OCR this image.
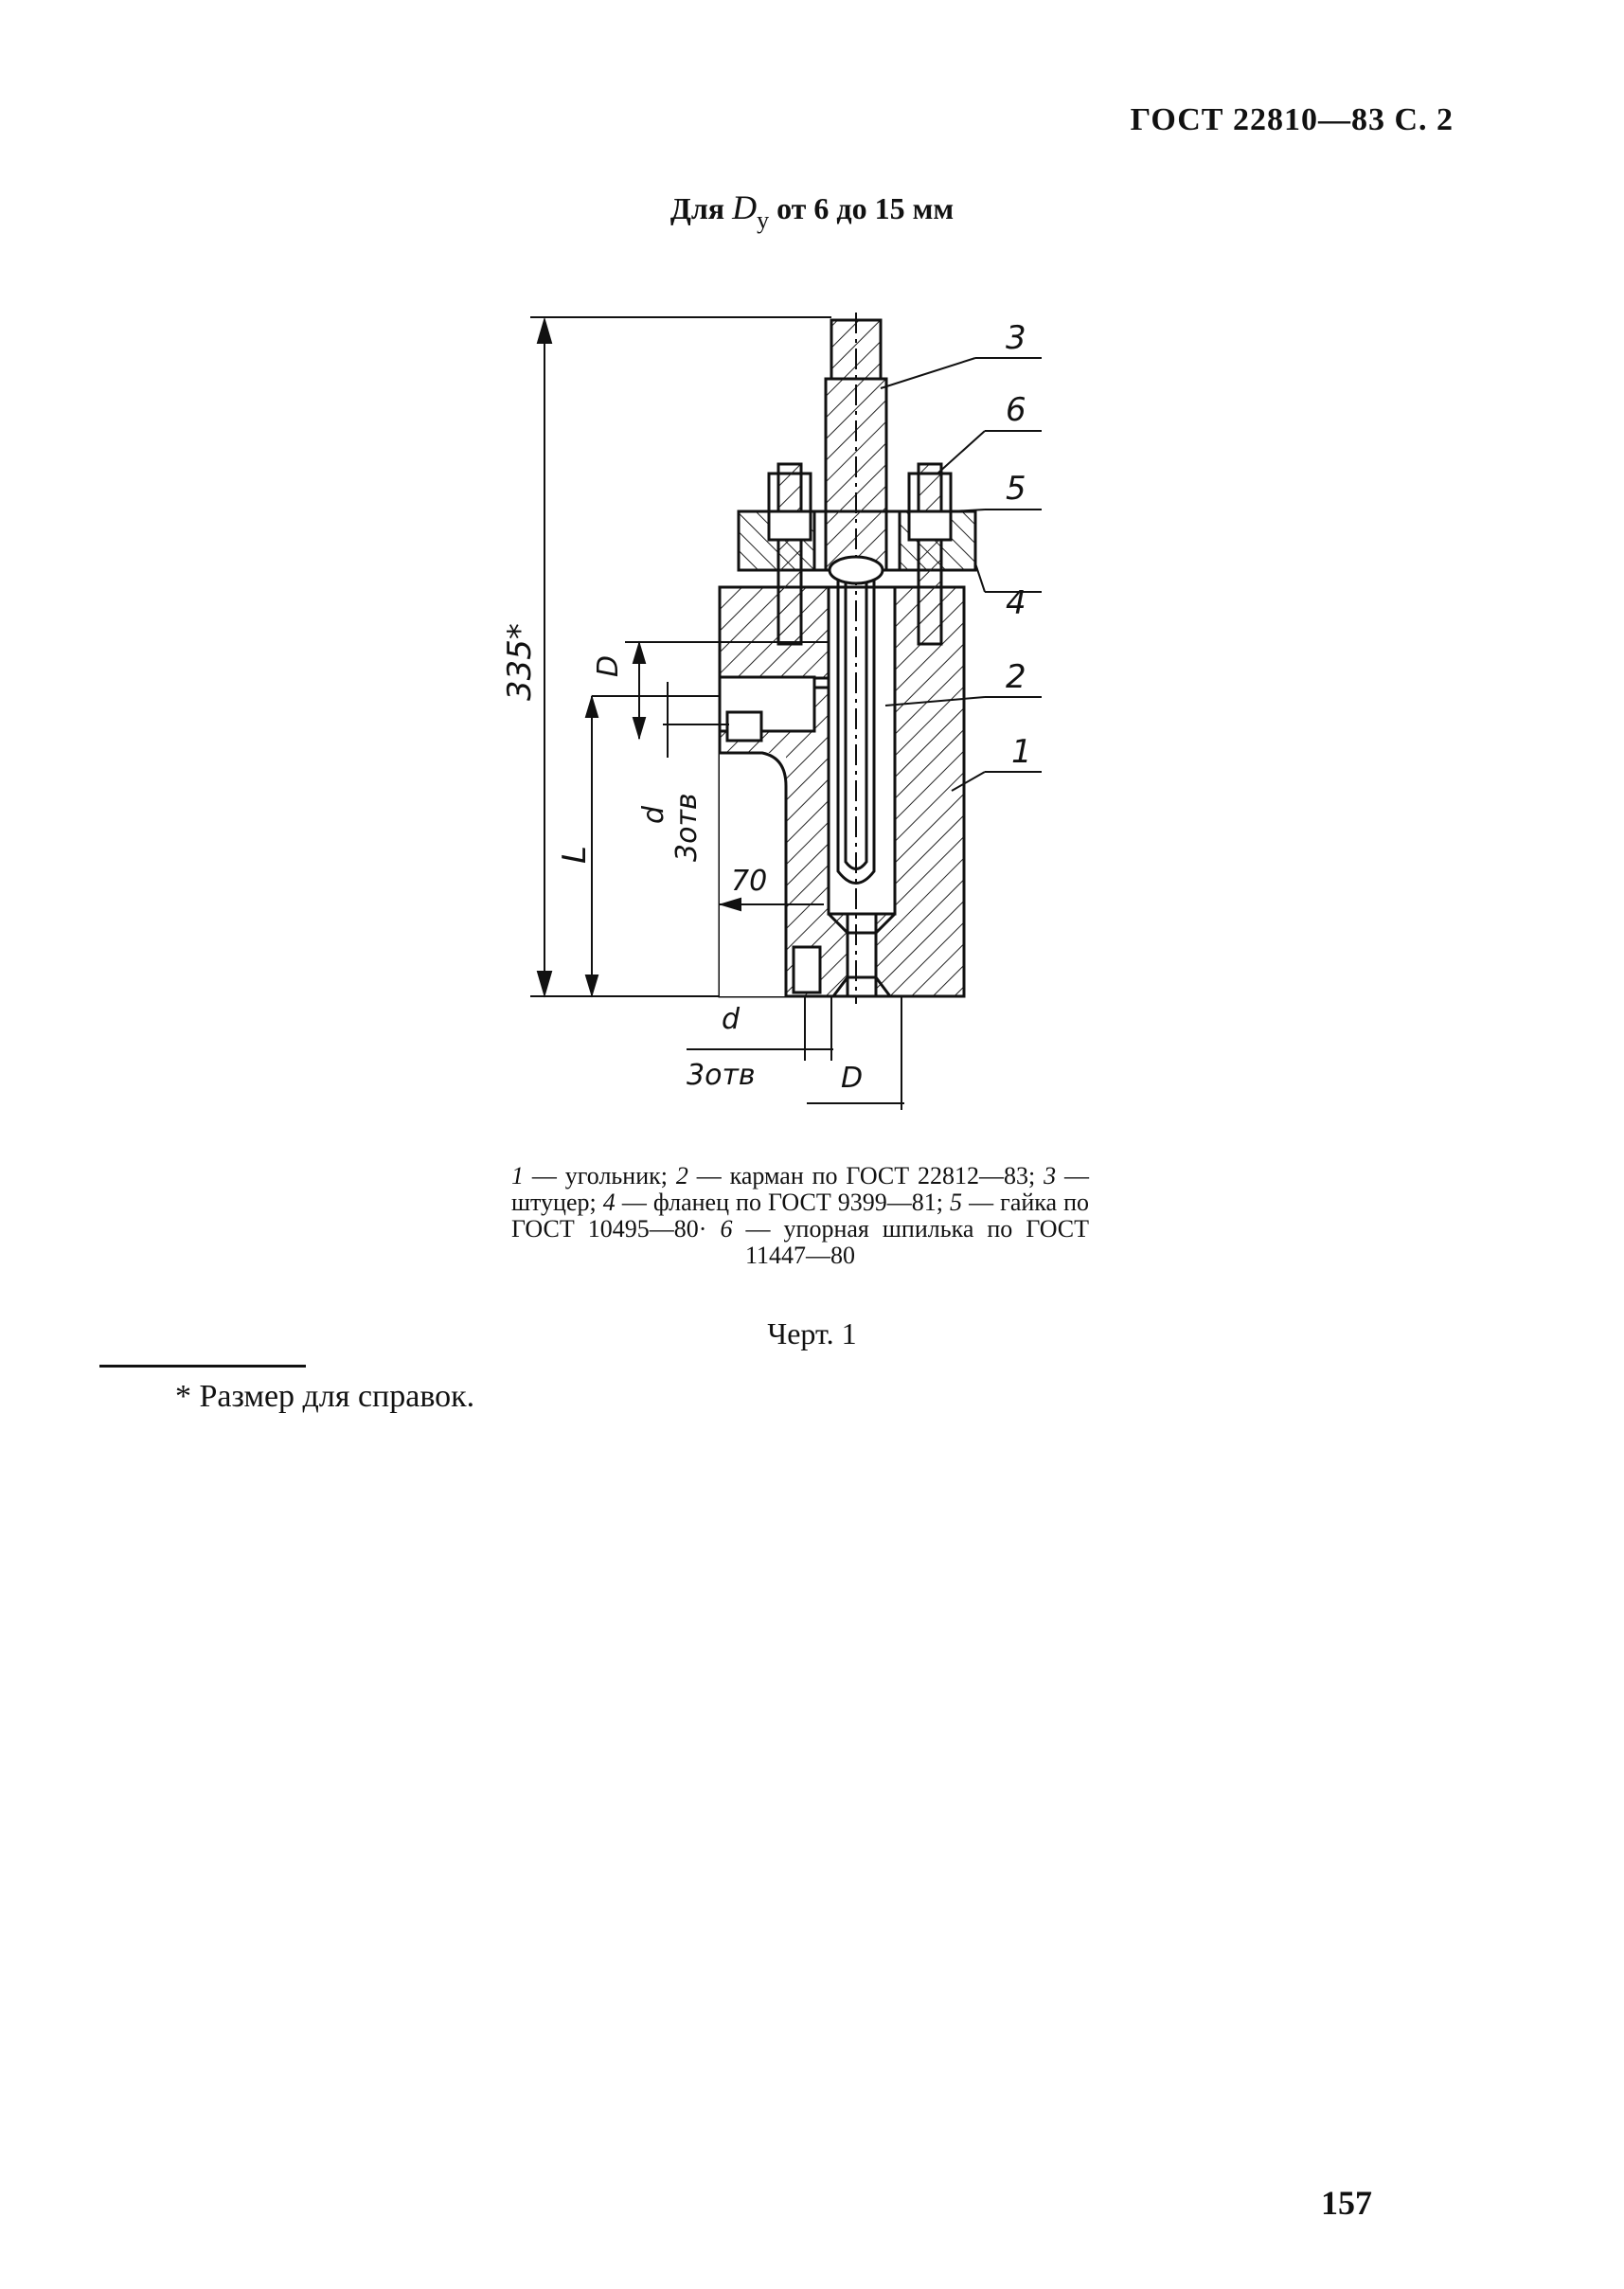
ГОСТ 22810—83 С. 2
Для $D_у$ от 6 до 15 мм
335* D
d 3отв
L
70
d
3отв	D
3
6
5
4
2
1
1 — угольник; 2 — карман по ГОСТ 22812—83; 3 — штуцер; 4 — фланец по ГОСТ 9399—81; 5 — гайка по ГОСТ 10495—80· 6 — упорная шпилька по ГОСТ 11447—80
Черт. 1
* Размер для справок.
157
